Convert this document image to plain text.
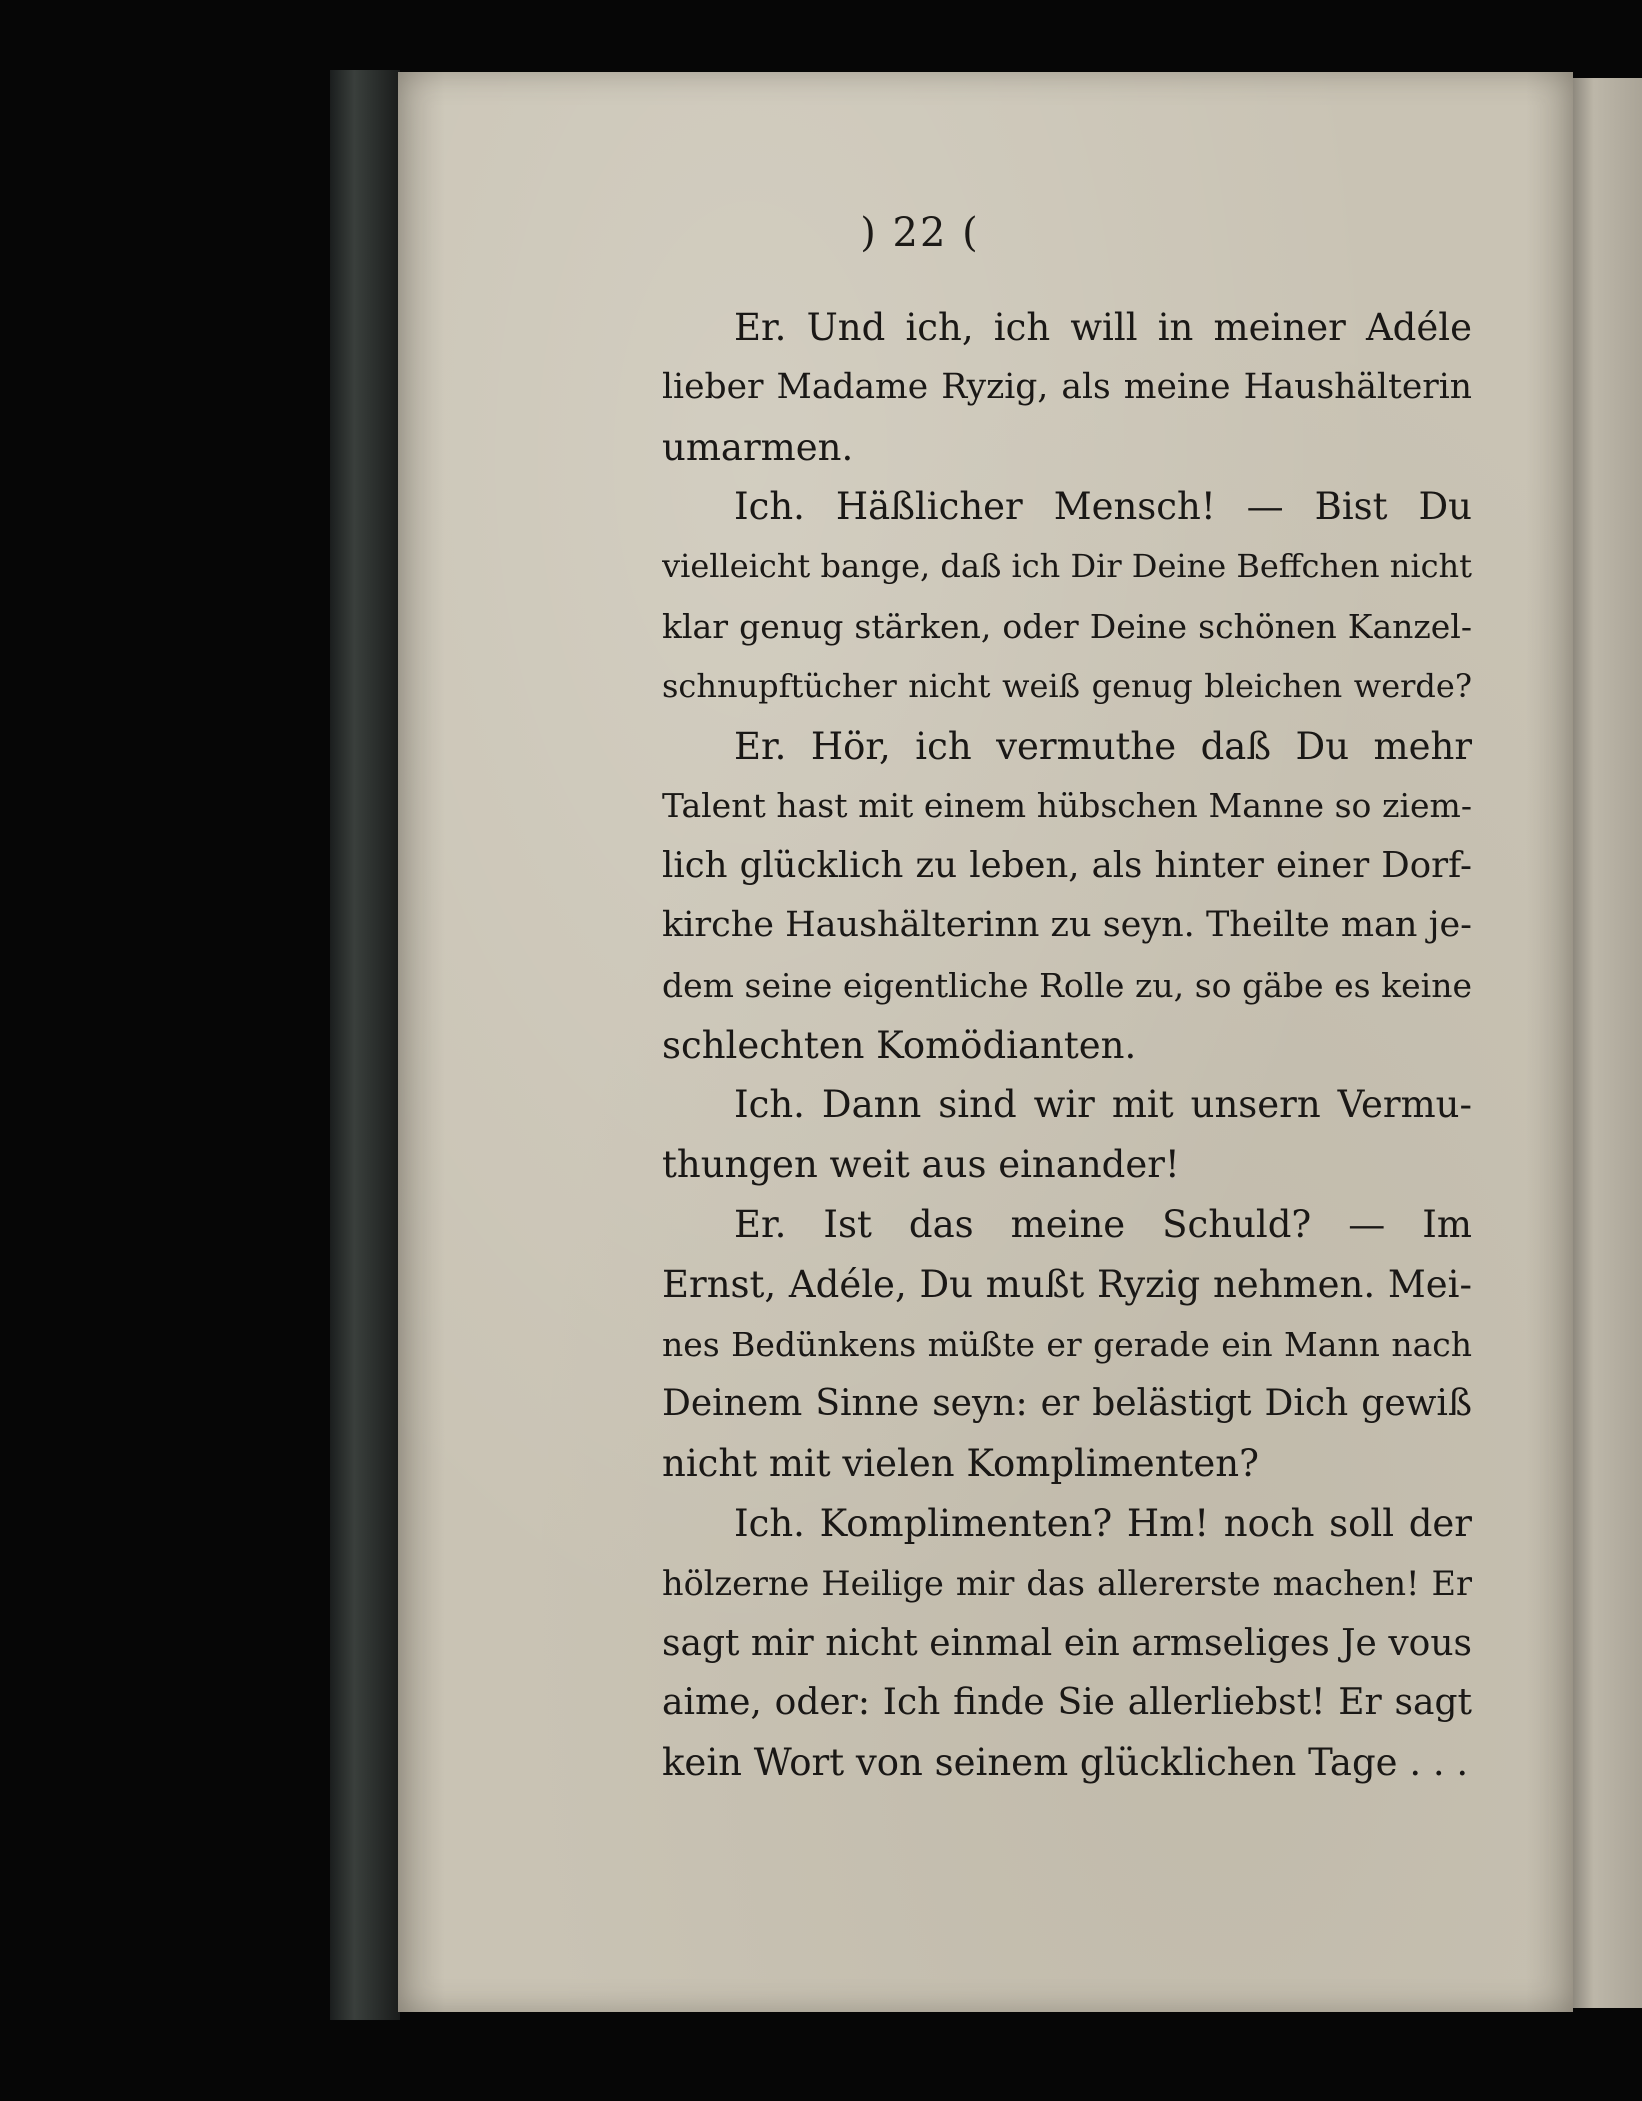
) 22 (
Er. Und ich, ich will in meiner Adéle
lieber Madame Ryzig, als meine Haushälterin
umarmen.
Ich. Häßlicher Mensch! — Bist Du
vielleicht bange, daß ich Dir Deine Beffchen nicht
klar genug stärken, oder Deine schönen Kanzel-
schnupftücher nicht weiß genug bleichen werde?
Er. Hör, ich vermuthe daß Du mehr
Talent hast mit einem hübschen Manne so ziem-
lich glücklich zu leben, als hinter einer Dorf-
kirche Haushälterinn zu seyn. Theilte man je-
dem seine eigentliche Rolle zu, so gäbe es keine
schlechten Komödianten.
Ich. Dann sind wir mit unsern Vermu-
thungen weit aus einander!
Er. Ist das meine Schuld? — Im
Ernst, Adéle, Du mußt Ryzig nehmen. Mei-
nes Bedünkens müßte er gerade ein Mann nach
Deinem Sinne seyn: er belästigt Dich gewiß
nicht mit vielen Komplimenten?
Ich. Komplimenten? Hm! noch soll der
hölzerne Heilige mir das allererste machen! Er
sagt mir nicht einmal ein armseliges Je vous
aime, oder: Ich finde Sie allerliebst! Er sagt
kein Wort von seinem glücklichen Tage . . .
